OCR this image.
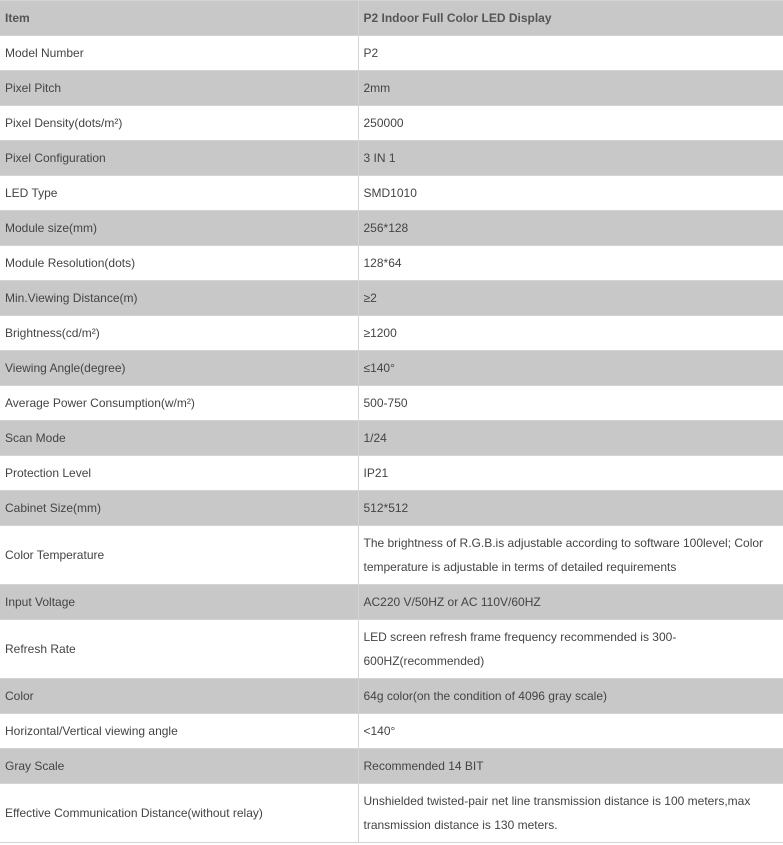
Item	P2 Indoor Full Color LED Display
Model Number	P2
Pixel Pitch	2mm
Pixel Density(dots/m²)	250000
Pixel Configuration	3 IN 1
LED Type	SMD1010
Module size(mm)	256*128
Module Resolution(dots)	128*64
Min.Viewing Distance(m)	≥2
Brightness(cd/m²)	≥1200
Viewing Angle(degree)	≤140°
Average Power Consumption(w/m²)	500-750
Scan Mode	1/24
Protection Level	IP21
Cabinet Size(mm)	512*512
Color Temperature	The brightness of R.G.B.is adjustable according to software 100level; Color temperature is adjustable in terms of detailed requirements
Input Voltage	AC220 V/50HZ or AC 110V/60HZ
Refresh Rate	LED screen refresh frame frequency recommended is 300-600HZ(recommended)
Color	64g color(on the condition of 4096 gray scale)
Horizontal/Vertical viewing angle	<140°
Gray Scale	Recommended 14 BIT
Effective Communication Distance(without relay)	Unshielded twisted-pair net line transmission distance is 100 meters,max transmission distance is 130 meters.
